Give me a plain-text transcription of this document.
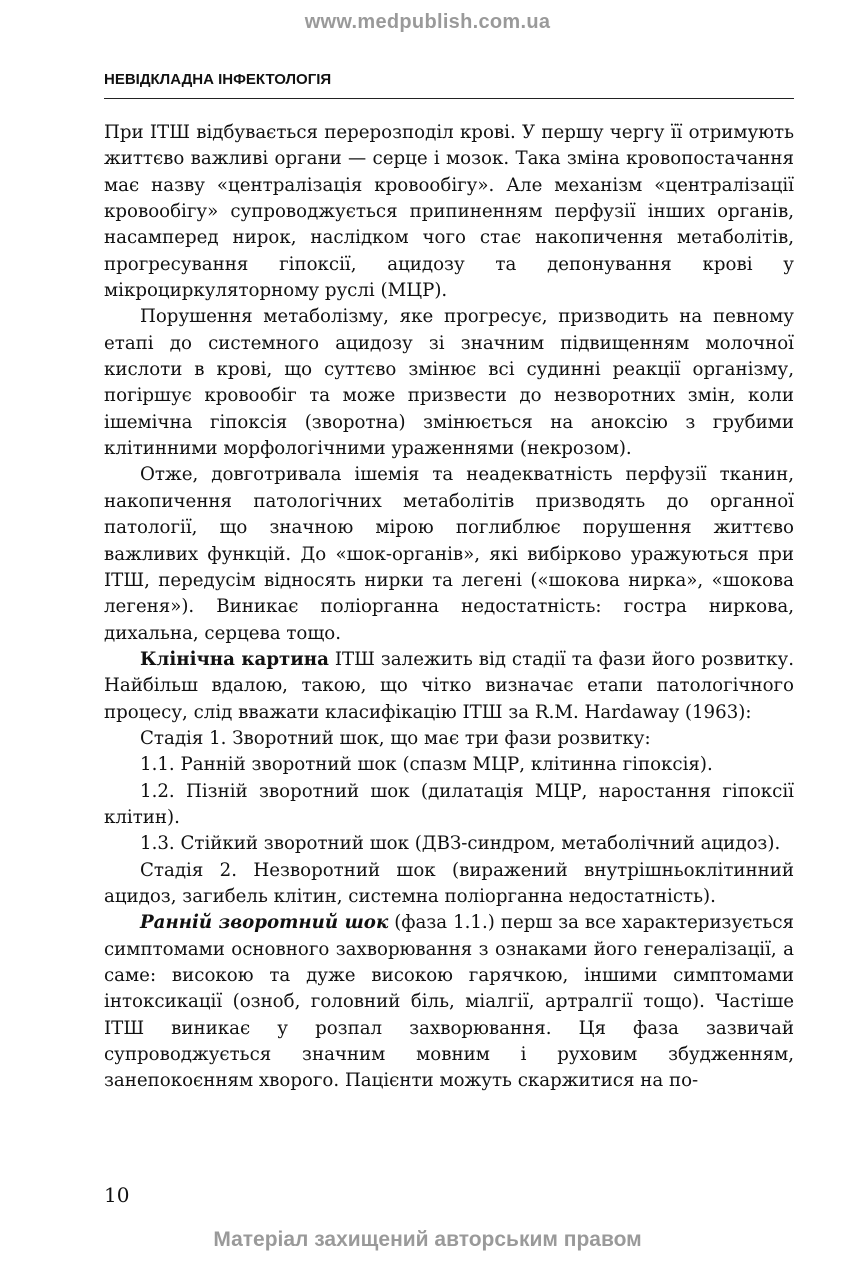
www.medpublish.com.ua
НЕВІДКЛАДНА ІНФЕКТОЛОГІЯ

При ІТШ відбувається перерозподіл крові. У першу чергу її отримують життєво важливі органи — серце і мозок. Така зміна кровопостачання має назву «централізація кровообігу». Але механізм «централізації кровообігу» супроводжується припиненням перфузії інших органів, насамперед нирок, наслідком чого стає накопичення метаболітів, прогресування гіпоксії, ацидозу та депонування крові у мікроциркуляторному руслі (МЦР).

Порушення метаболізму, яке прогресує, призводить на певному етапі до системного ацидозу зі значним підвищенням молочної кислоти в крові, що суттєво змінює всі судинні реакції організму, погіршує кровообіг та може призвести до незворотних змін, коли ішемічна гіпоксія (зворотна) змінюється на аноксію з грубими клітинними морфологічними ураженнями (некрозом).

Отже, довготривала ішемія та неадекватність перфузії тканин, накопичення патологічних метаболітів призводять до органної патології, що значною мірою поглиблює порушення життєво важливих функцій. До «шок-органів», які вибірково уражуються при ІТШ, передусім відносять нирки та легені («шокова нирка», «шокова легеня»). Виникає поліорганна недостатність: гостра ниркова, дихальна, серцева тощо.

Клінічна картина ІТШ залежить від стадії та фази його розвитку. Найбільш вдалою, такою, що чітко визначає етапи патологічного процесу, слід вважати класифікацію ІТШ за R.M. Hardaway (1963):

Стадія 1. Зворотний шок, що має три фази розвитку:

1.1. Ранній зворотний шок (спазм МЦР, клітинна гіпоксія).

1.2. Пізній зворотний шок (дилатація МЦР, наростання гіпоксії клітин).

1.3. Стійкий зворотний шок (ДВЗ-синдром, метаболічний ацидоз).

Стадія 2. Незворотний шок (виражений внутрішньоклітинний ацидоз, загибель клітин, системна поліорганна недостатність).

Ранній зворотний шок (фаза 1.1.) перш за все характеризується симптомами основного захворювання з ознаками його генералізації, а саме: високою та дуже високою гарячкою, іншими симптомами інтоксикації (озноб, головний біль, міалгії, артралгії тощо). Частіше ІТШ виникає у розпал захворювання. Ця фаза зазвичай супроводжується значним мовним і руховим збудженням, занепокоєнням хворого. Пацієнти можуть скаржитися на по-

10
Матеріал захищений авторським правом
